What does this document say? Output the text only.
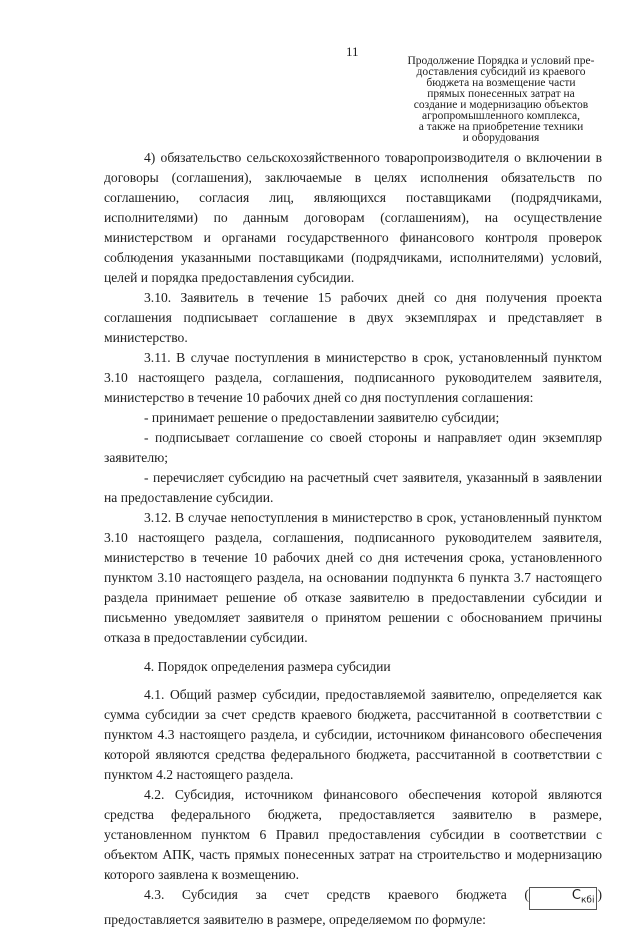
11
Продолжение Порядка и условий пре-
доставления субсидий из краевого
бюджета на возмещение части
прямых понесенных затрат на
создание и модернизацию объектов
агропромышленного комплекса,
а также на приобретение техники
и оборудования

4) обязательство сельскохозяйственного товаропроизводителя о включении в договоры (соглашения), заключаемые в целях исполнения обязательств по соглашению, согласия лиц, являющихся поставщиками (подрядчиками, исполнителями) по данным договорам (соглашениям), на осуществление министерством и органами государственного финансового контроля проверок соблюдения указанными поставщиками (подрядчиками, исполнителями) условий, целей и порядка предоставления субсидии.

3.10. Заявитель в течение 15 рабочих дней со дня получения проекта соглашения подписывает соглашение в двух экземплярах и представляет в министерство.

3.11. В случае поступления в министерство в срок, установленный пунктом 3.10 настоящего раздела, соглашения, подписанного руководителем заявителя, министерство в течение 10 рабочих дней со дня поступления соглашения:

- принимает решение о предоставлении заявителю субсидии;

- подписывает соглашение со своей стороны и направляет один экземпляр заявителю;

- перечисляет субсидию на расчетный счет заявителя, указанный в заявлении на предоставление субсидии.

3.12. В случае непоступления в министерство в срок, установленный пунктом 3.10 настоящего раздела, соглашения, подписанного руководителем заявителя, министерство в течение 10 рабочих дней со дня истечения срока, установленного пунктом 3.10 настоящего раздела, на основании подпункта 6 пункта 3.7 настоящего раздела принимает решение об отказе заявителю в предоставлении субсидии и письменно уведомляет заявителя о принятом решении с обоснованием причины отказа в предоставлении субсидии.

4. Порядок определения размера субсидии

4.1. Общий размер субсидии, предоставляемой заявителю, определяется как сумма субсидии за счет средств краевого бюджета, рассчитанной в соответствии с пунктом 4.3 настоящего раздела, и субсидии, источником финансового обеспечения которой являются средства федерального бюджета, рассчитанной в соответствии с пунктом 4.2 настоящего раздела.

4.2. Субсидия, источником финансового обеспечения которой являются средства федерального бюджета, предоставляется заявителю в размере, установленном пунктом 6 Правил предоставления субсидии в соответствии с объектом АПК, часть прямых понесенных затрат на строительство и модернизацию которого заявлена к возмещению.

4.3. Субсидия за счет средств краевого бюджета (	$C_{кбi}$ ) предоставляется заявителю в размере, определяемом по формуле:
